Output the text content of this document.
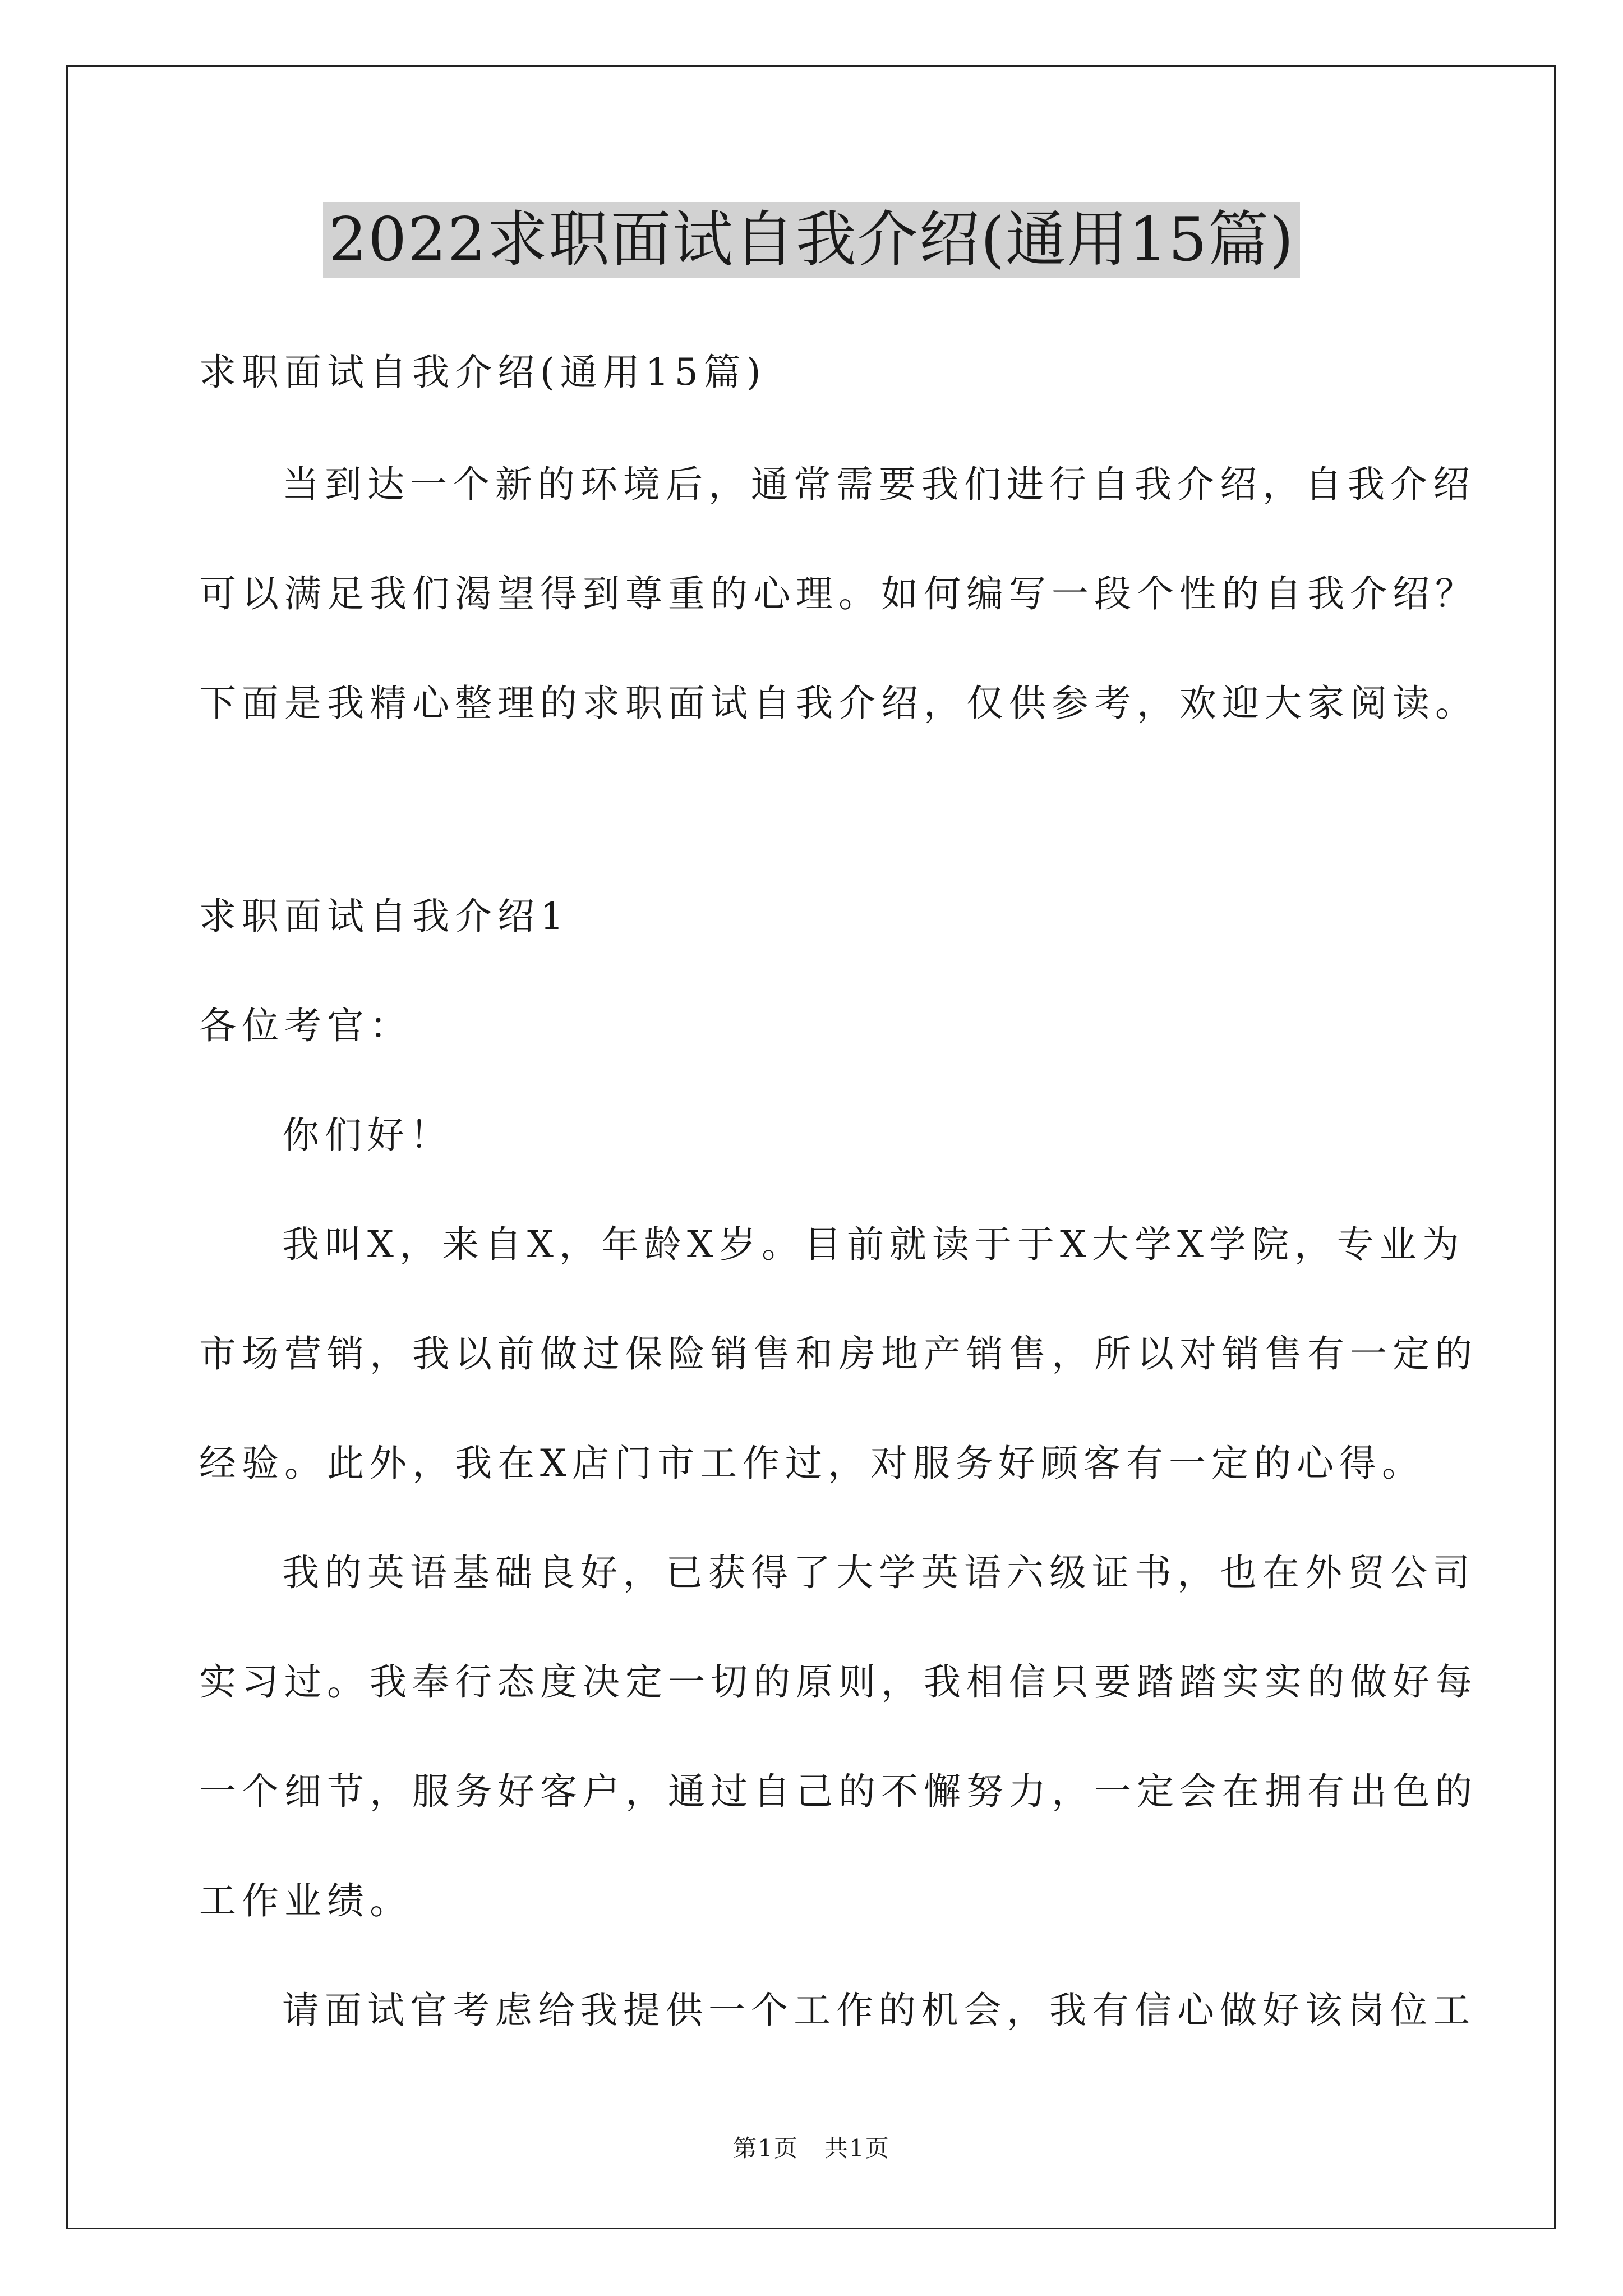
2022求职面试自我介绍(通用15篇)
求职面试自我介绍(通用15篇)
当到达一个新的环境后，通常需要我们进行自我介绍，自我介绍
可以满足我们渴望得到尊重的心理。如何编写一段个性的自我介绍？
下面是我精心整理的求职面试自我介绍，仅供参考，欢迎大家阅读。
求职面试自我介绍1
各位考官：
你们好！
我叫X，来自X，年龄X岁。目前就读于于X大学X学院，专业为
市场营销，我以前做过保险销售和房地产销售，所以对销售有一定的
经验。此外，我在X店门市工作过，对服务好顾客有一定的心得。
我的英语基础良好，已获得了大学英语六级证书，也在外贸公司
实习过。我奉行态度决定一切的原则，我相信只要踏踏实实的做好每
一个细节，服务好客户，通过自己的不懈努力，一定会在拥有出色的
工作业绩。
请面试官考虑给我提供一个工作的机会，我有信心做好该岗位工
第1页   共1页
